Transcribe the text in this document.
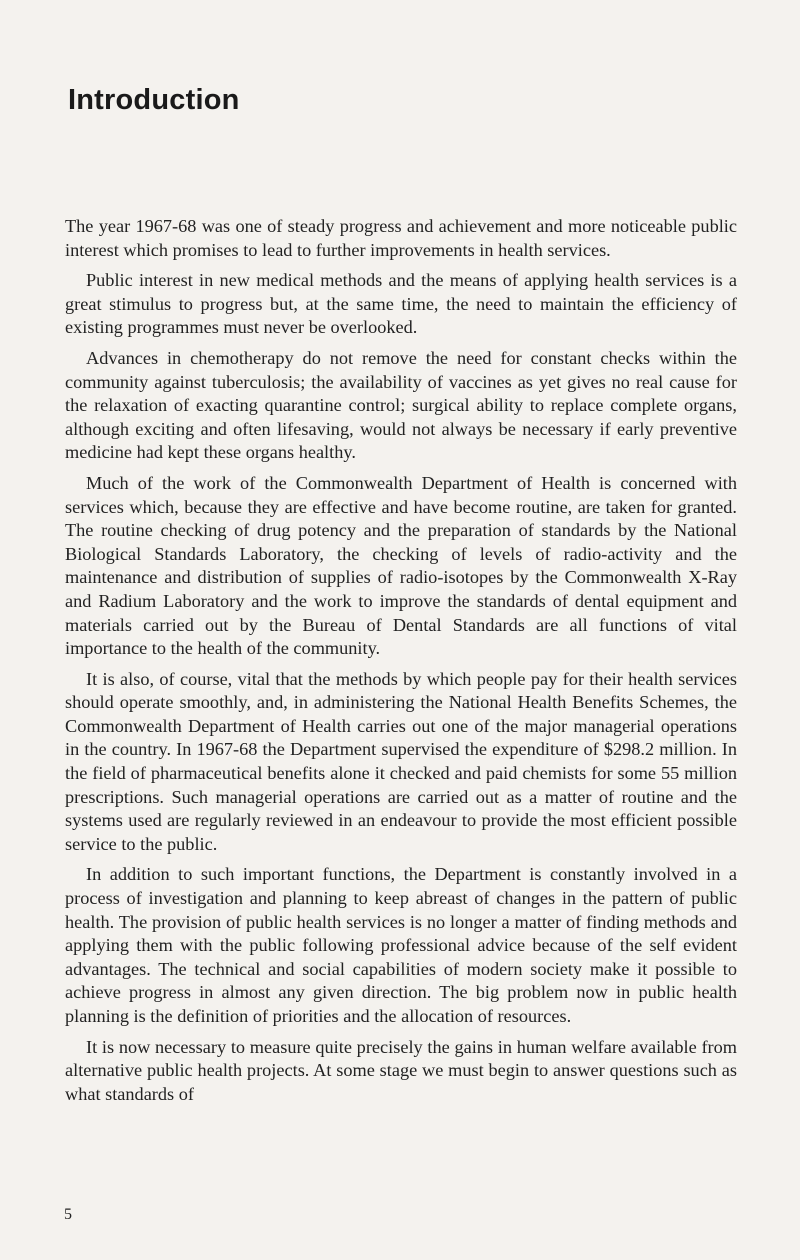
Introduction

The year 1967-68 was one of steady progress and achievement and more noticeable public interest which promises to lead to further improvements in health services.

Public interest in new medical methods and the means of applying health services is a great stimulus to progress but, at the same time, the need to maintain the efficiency of existing programmes must never be overlooked.

Advances in chemotherapy do not remove the need for constant checks within the community against tuberculosis; the availability of vaccines as yet gives no real cause for the relaxation of exacting quarantine control; surgical ability to replace complete organs, although exciting and often lifesaving, would not always be necessary if early preventive medicine had kept these organs healthy.

Much of the work of the Commonwealth Department of Health is concerned with services which, because they are effective and have become routine, are taken for granted. The routine checking of drug potency and the preparation of standards by the National Biological Standards Laboratory, the checking of levels of radio-activity and the maintenance and distribution of supplies of radio-isotopes by the Commonwealth X-Ray and Radium Laboratory and the work to improve the standards of dental equipment and materials carried out by the Bureau of Dental Standards are all functions of vital importance to the health of the community.

It is also, of course, vital that the methods by which people pay for their health services should operate smoothly, and, in administering the National Health Benefits Schemes, the Commonwealth Department of Health carries out one of the major managerial operations in the country. In 1967-68 the Department supervised the expenditure of $298.2 million. In the field of pharmaceutical benefits alone it checked and paid chemists for some 55 million prescriptions. Such managerial operations are carried out as a matter of routine and the systems used are regularly reviewed in an endeavour to provide the most efficient possible service to the public.

In addition to such important functions, the Department is constantly involved in a process of investigation and planning to keep abreast of changes in the pattern of public health. The provision of public health services is no longer a matter of finding methods and applying them with the public following professional advice because of the self evident advantages. The technical and social capabilities of modern society make it possible to achieve progress in almost any given direction. The big problem now in public health planning is the definition of priorities and the allocation of resources.

It is now necessary to measure quite precisely the gains in human welfare available from alternative public health projects. At some stage we must begin to answer questions such as what standards of

5
